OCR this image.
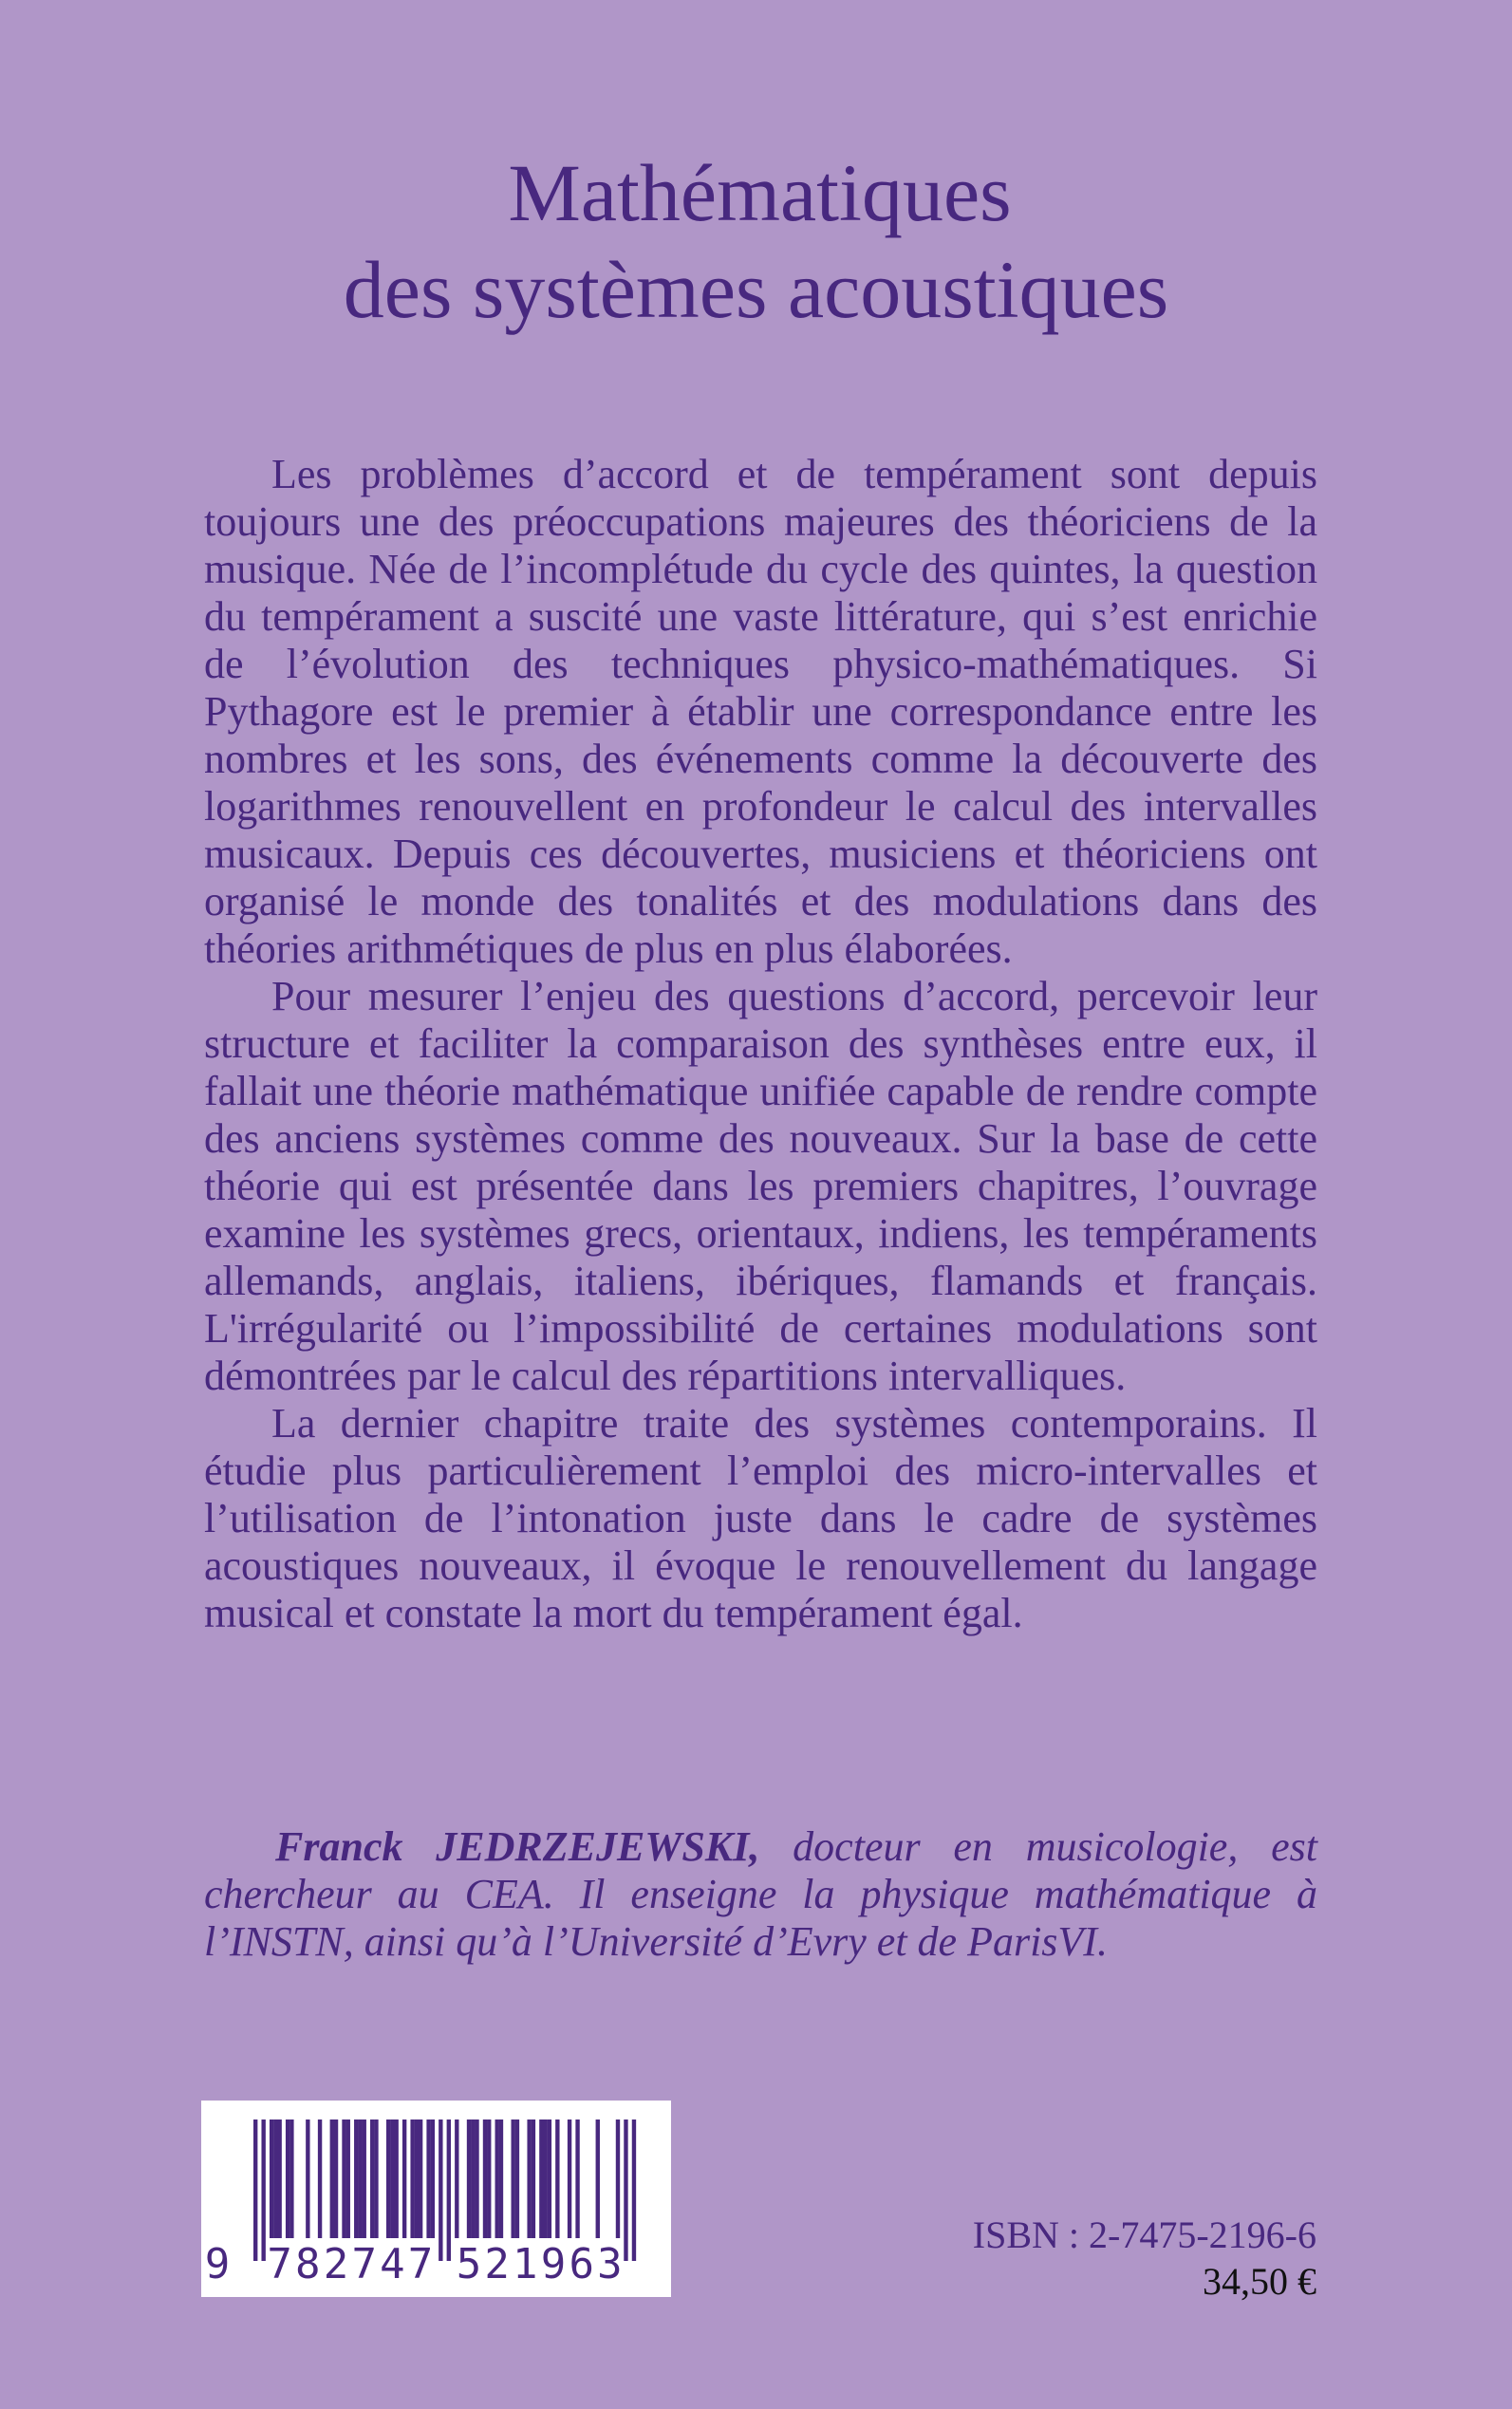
Mathématiques
des systèmes acoustiques

Les problèmes d’accord et de tempérament sont depuis toujours une des préoccupations majeures des théoriciens de la musique. Née de l’incomplétude du cycle des quintes, la question du tempérament a suscité une vaste littérature, qui s’est enrichie de l’évolution des techniques physico-mathématiques. Si Pythagore est le premier à établir une correspondance entre les nombres et les sons, des événements comme la découverte des logarithmes renouvellent en profondeur le calcul des intervalles musicaux. Depuis ces découvertes, musiciens et théoriciens ont organisé le monde des tonalités et des modulations dans des théories arithmétiques de plus en plus élaborées.

Pour mesurer l’enjeu des questions d’accord, percevoir leur structure et faciliter la comparaison des synthèses entre eux, il fallait une théorie mathématique unifiée capable de rendre compte des anciens systèmes comme des nouveaux. Sur la base de cette théorie qui est présentée dans les premiers chapitres, l’ouvrage examine les systèmes grecs, orientaux, indiens, les tempéraments allemands, anglais, italiens, ibériques, flamands et français. L'irrégularité ou l’impossibilité de certaines modulations sont démontrées par le calcul des répartitions intervalliques.

La dernier chapitre traite des systèmes contemporains. Il étudie plus particulièrement l’emploi des micro-intervalles et l’utilisation de l’intonation juste dans le cadre de systèmes acoustiques nouveaux, il évoque le renouvellement du langage musical et constate la mort du tempérament égal.

Franck JEDRZEJEWSKI, docteur en musicologie, est chercheur au CEA. Il enseigne la physique mathématique à l’INSTN, ainsi qu’à l’Université d’Evry et de ParisVI.

9 7 8 2 7 4 7 5 2 1 9 6 3
ISBN : 2-7475-2196-6
34,50 €
